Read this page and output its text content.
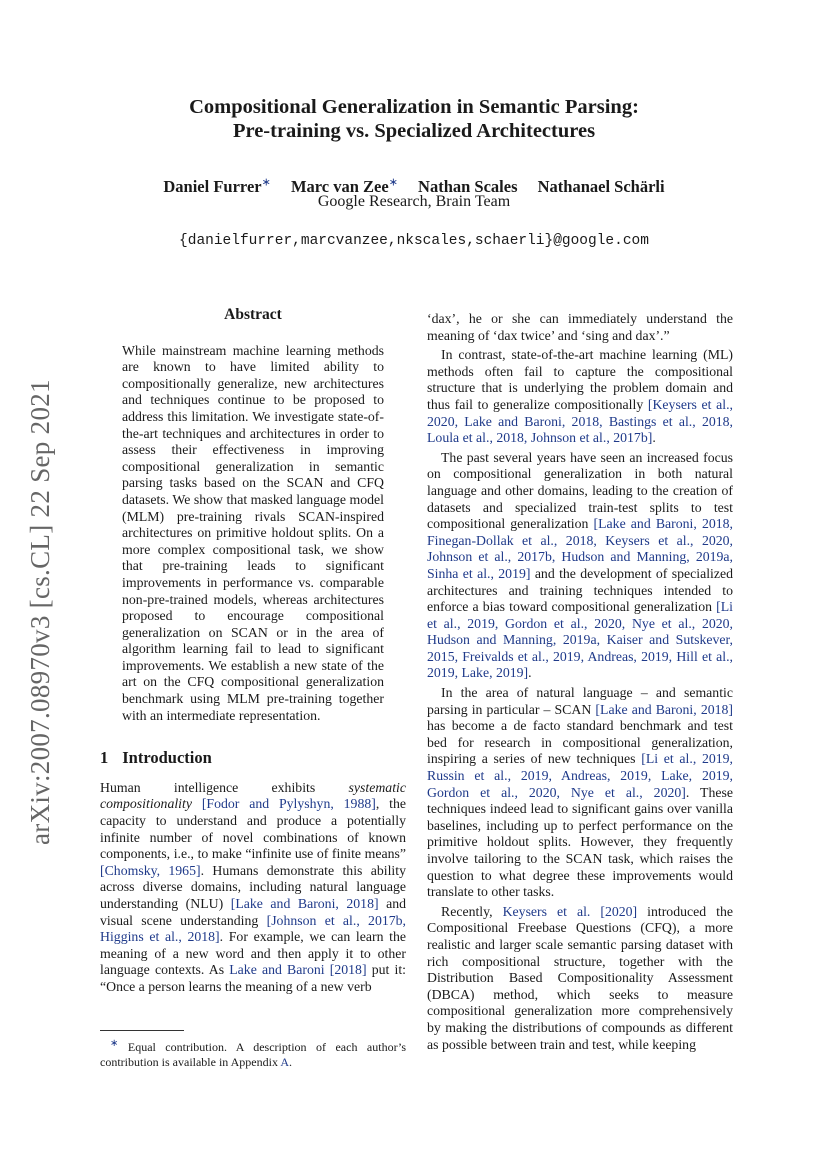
Compositional Generalization in Semantic Parsing:
Pre-training vs. Specialized Architectures
Daniel Furrer∗ Marc van Zee∗ Nathan Scales Nathanael Schärli
Google Research, Brain Team
{danielfurrer,marcvanzee,nkscales,schaerli}@google.com
arXiv:2007.08970v3 [cs.CL] 22 Sep 2021
Abstract
While mainstream machine learning methods are known to have limited ability to compositionally generalize, new architectures and techniques continue to be proposed to address this limitation. We investigate state-of-the-art techniques and architectures in order to assess their effectiveness in improving compositional generalization in semantic parsing tasks based on the SCAN and CFQ datasets. We show that masked language model (MLM) pre-training rivals SCAN-inspired architectures on primitive holdout splits. On a more complex compositional task, we show that pre-training leads to significant improvements in performance vs. comparable non-pre-trained models, whereas architectures proposed to encourage compositional generalization on SCAN or in the area of algorithm learning fail to lead to significant improvements. We establish a new state of the art on the CFQ compositional generalization benchmark using MLM pre-training together with an intermediate representation.
1 Introduction

Human intelligence exhibits systematic compositionality [Fodor and Pylyshyn, 1988], the capacity to understand and produce a potentially infinite number of novel combinations of known components, i.e., to make “infinite use of finite means” [Chomsky, 1965]. Humans demonstrate this ability across diverse domains, including natural language understanding (NLU) [Lake and Baroni, 2018] and visual scene understanding [Johnson et al., 2017b, Higgins et al., 2018]. For example, we can learn the meaning of a new word and then apply it to other language contexts. As Lake and Baroni [2018] put it: “Once a person learns the meaning of a new verb

∗ Equal contribution. A description of each author’s contribution is available in Appendix A.

‘dax’, he or she can immediately understand the meaning of ‘dax twice’ and ‘sing and dax’.”

In contrast, state-of-the-art machine learning (ML) methods often fail to capture the compositional structure that is underlying the problem domain and thus fail to generalize compositionally [Keysers et al., 2020, Lake and Baroni, 2018, Bastings et al., 2018, Loula et al., 2018, Johnson et al., 2017b].

The past several years have seen an increased focus on compositional generalization in both natural language and other domains, leading to the creation of datasets and specialized train-test splits to test compositional generalization [Lake and Baroni, 2018, Finegan-Dollak et al., 2018, Keysers et al., 2020, Johnson et al., 2017b, Hudson and Manning, 2019a, Sinha et al., 2019] and the development of specialized architectures and training techniques intended to enforce a bias toward compositional generalization [Li et al., 2019, Gordon et al., 2020, Nye et al., 2020, Hudson and Manning, 2019a, Kaiser and Sutskever, 2015, Freivalds et al., 2019, Andreas, 2019, Hill et al., 2019, Lake, 2019].

In the area of natural language – and semantic parsing in particular – SCAN [Lake and Baroni, 2018] has become a de facto standard benchmark and test bed for research in compositional generalization, inspiring a series of new techniques [Li et al., 2019, Russin et al., 2019, Andreas, 2019, Lake, 2019, Gordon et al., 2020, Nye et al., 2020]. These techniques indeed lead to significant gains over vanilla baselines, including up to perfect performance on the primitive holdout splits. However, they frequently involve tailoring to the SCAN task, which raises the question to what degree these improvements would translate to other tasks.

Recently, Keysers et al. [2020] introduced the Compositional Freebase Questions (CFQ), a more realistic and larger scale semantic parsing dataset with rich compositional structure, together with the Distribution Based Compositionality Assessment (DBCA) method, which seeks to measure compositional generalization more comprehensively by making the distributions of compounds as different as possible between train and test, while keeping
